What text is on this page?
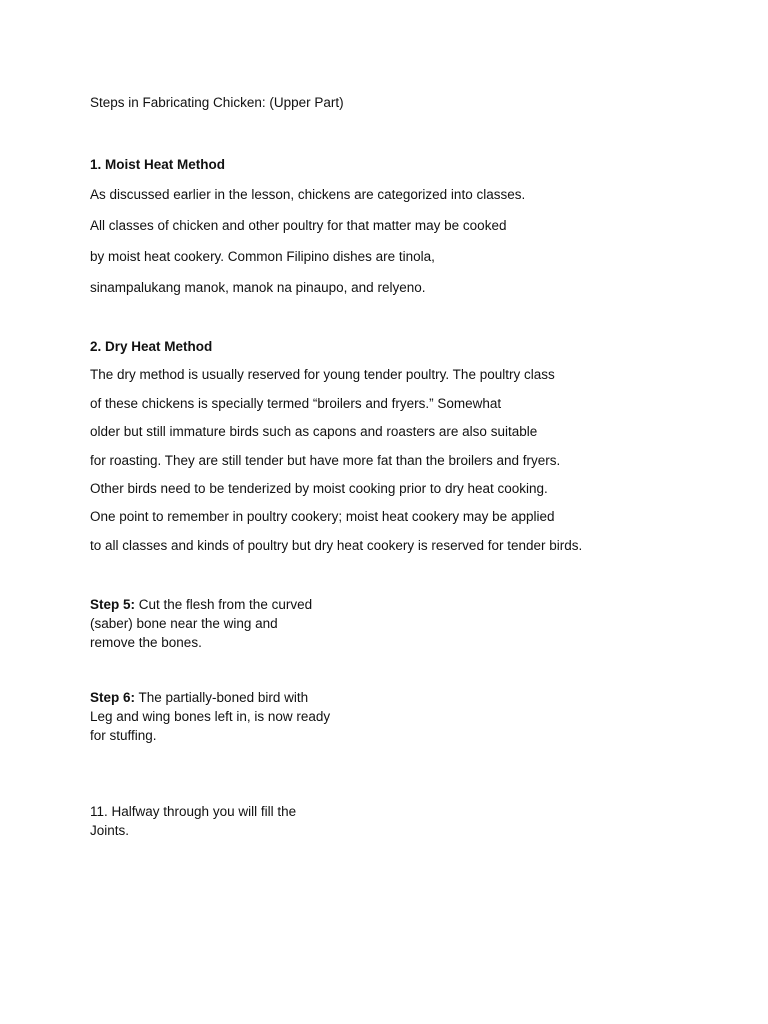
Steps in Fabricating Chicken: (Upper Part)
1. Moist Heat Method
As discussed earlier in the lesson, chickens are categorized into classes.
All classes of chicken and other poultry for that matter may be cooked
by moist heat cookery. Common Filipino dishes are tinola,
sinampalukang manok, manok na pinaupo, and relyeno.
2. Dry Heat Method
The dry method is usually reserved for young tender poultry. The poultry class
of these chickens is specially termed “broilers and fryers.” Somewhat
older but still immature birds such as capons and roasters are also suitable
for roasting. They are still tender but have more fat than the broilers and fryers.
Other birds need to be tenderized by moist cooking prior to dry heat cooking.
One point to remember in poultry cookery; moist heat cookery may be applied
to all classes and kinds of poultry but dry heat cookery is reserved for tender birds.
Step 5: Cut the flesh from the curved
(saber) bone near the wing and
remove the bones.
Step 6: The partially-boned bird with
Leg and wing bones left in, is now ready
for stuffing.
11. Halfway through you will fill the
Joints.
